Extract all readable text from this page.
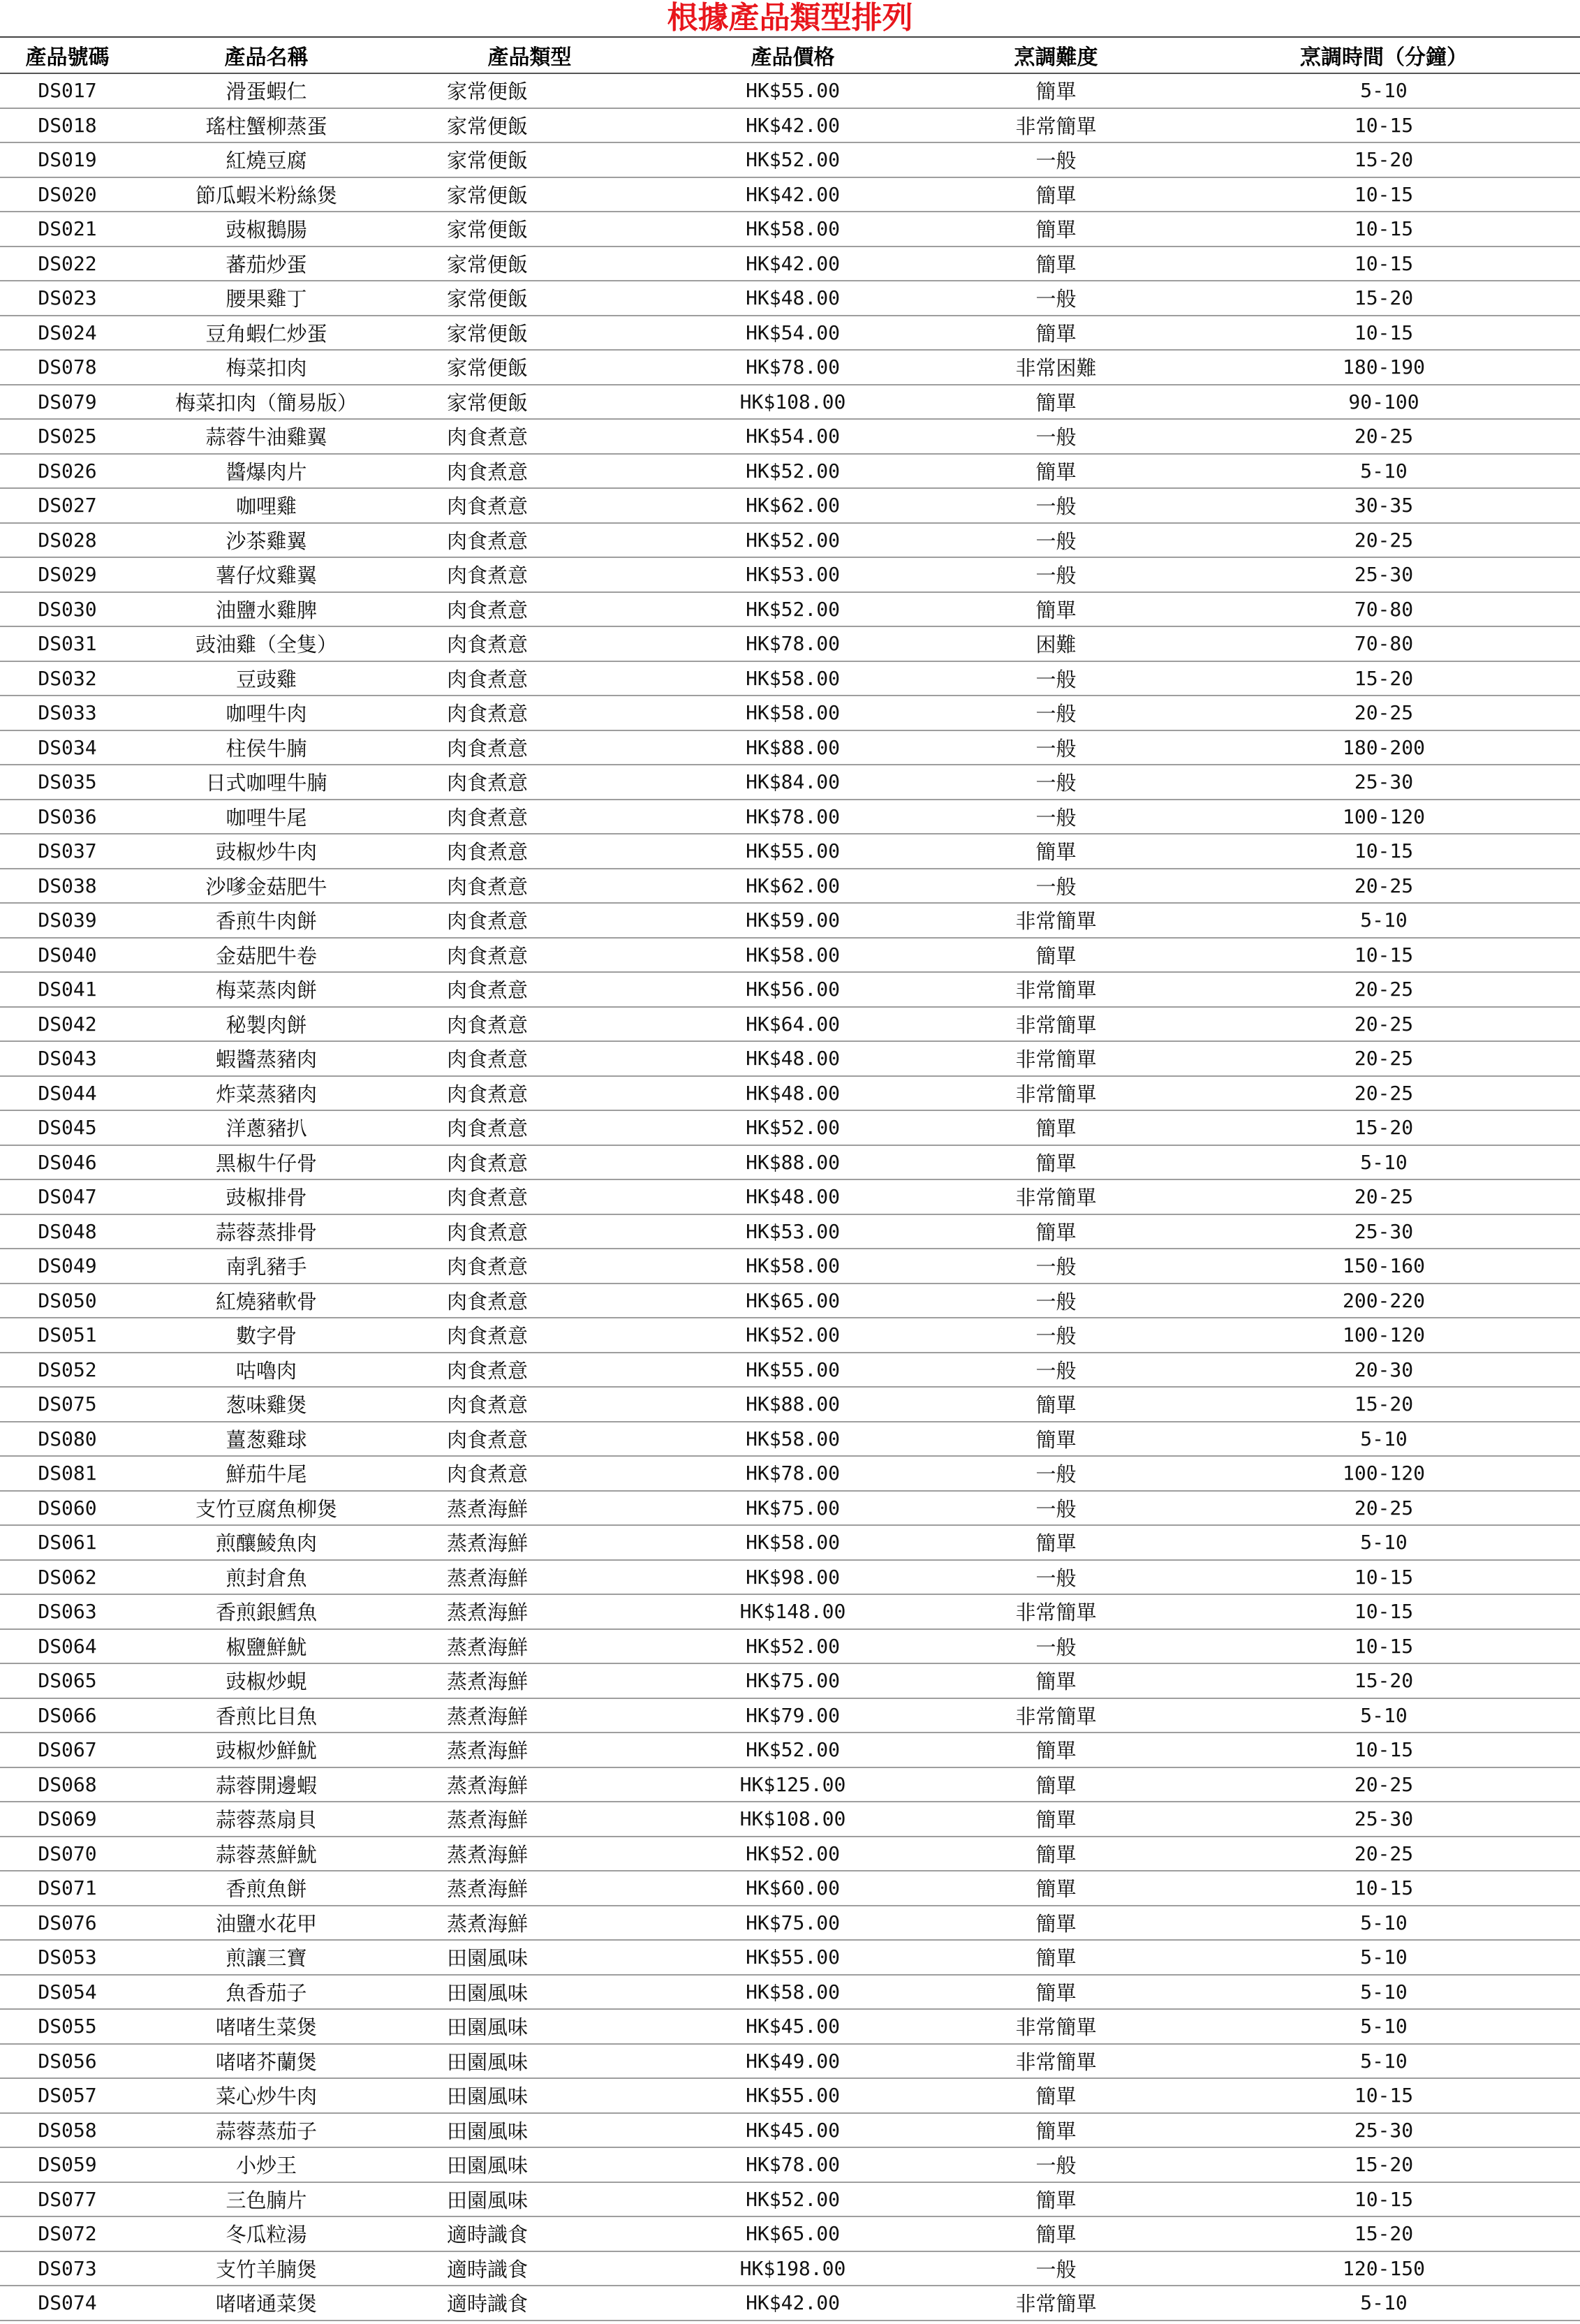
根據產品類型排列
產品號碼	產品名稱	產品類型	產品價格	烹調難度	烹調時間（分鐘）
DS017	滑蛋蝦仁	家常便飯	HK$55.00	簡單	5-10
DS018	瑤柱蟹柳蒸蛋	家常便飯	HK$42.00	非常簡單	10-15
DS019	紅燒豆腐	家常便飯	HK$52.00	一般	15-20
DS020	節瓜蝦米粉絲煲	家常便飯	HK$42.00	簡單	10-15
DS021	豉椒鵝腸	家常便飯	HK$58.00	簡單	10-15
DS022	蕃茄炒蛋	家常便飯	HK$42.00	簡單	10-15
DS023	腰果雞丁	家常便飯	HK$48.00	一般	15-20
DS024	豆角蝦仁炒蛋	家常便飯	HK$54.00	簡單	10-15
DS078	梅菜扣肉	家常便飯	HK$78.00	非常困難	180-190
DS079	梅菜扣肉（簡易版）	家常便飯	HK$108.00	簡單	90-100
DS025	蒜蓉牛油雞翼	肉食煮意	HK$54.00	一般	20-25
DS026	醬爆肉片	肉食煮意	HK$52.00	簡單	5-10
DS027	咖哩雞	肉食煮意	HK$62.00	一般	30-35
DS028	沙茶雞翼	肉食煮意	HK$52.00	一般	20-25
DS029	薯仔炆雞翼	肉食煮意	HK$53.00	一般	25-30
DS030	油鹽水雞脾	肉食煮意	HK$52.00	簡單	70-80
DS031	豉油雞（全隻）	肉食煮意	HK$78.00	困難	70-80
DS032	豆豉雞	肉食煮意	HK$58.00	一般	15-20
DS033	咖哩牛肉	肉食煮意	HK$58.00	一般	20-25
DS034	柱侯牛腩	肉食煮意	HK$88.00	一般	180-200
DS035	日式咖哩牛腩	肉食煮意	HK$84.00	一般	25-30
DS036	咖哩牛尾	肉食煮意	HK$78.00	一般	100-120
DS037	豉椒炒牛肉	肉食煮意	HK$55.00	簡單	10-15
DS038	沙嗲金菇肥牛	肉食煮意	HK$62.00	一般	20-25
DS039	香煎牛肉餅	肉食煮意	HK$59.00	非常簡單	5-10
DS040	金菇肥牛卷	肉食煮意	HK$58.00	簡單	10-15
DS041	梅菜蒸肉餅	肉食煮意	HK$56.00	非常簡單	20-25
DS042	秘製肉餅	肉食煮意	HK$64.00	非常簡單	20-25
DS043	蝦醬蒸豬肉	肉食煮意	HK$48.00	非常簡單	20-25
DS044	炸菜蒸豬肉	肉食煮意	HK$48.00	非常簡單	20-25
DS045	洋蔥豬扒	肉食煮意	HK$52.00	簡單	15-20
DS046	黑椒牛仔骨	肉食煮意	HK$88.00	簡單	5-10
DS047	豉椒排骨	肉食煮意	HK$48.00	非常簡單	20-25
DS048	蒜蓉蒸排骨	肉食煮意	HK$53.00	簡單	25-30
DS049	南乳豬手	肉食煮意	HK$58.00	一般	150-160
DS050	紅燒豬軟骨	肉食煮意	HK$65.00	一般	200-220
DS051	數字骨	肉食煮意	HK$52.00	一般	100-120
DS052	咕嚕肉	肉食煮意	HK$55.00	一般	20-30
DS075	葱味雞煲	肉食煮意	HK$88.00	簡單	15-20
DS080	薑葱雞球	肉食煮意	HK$58.00	簡單	5-10
DS081	鮮茄牛尾	肉食煮意	HK$78.00	一般	100-120
DS060	支竹豆腐魚柳煲	蒸煮海鮮	HK$75.00	一般	20-25
DS061	煎釀鯪魚肉	蒸煮海鮮	HK$58.00	簡單	5-10
DS062	煎封倉魚	蒸煮海鮮	HK$98.00	一般	10-15
DS063	香煎銀鱈魚	蒸煮海鮮	HK$148.00	非常簡單	10-15
DS064	椒鹽鮮魷	蒸煮海鮮	HK$52.00	一般	10-15
DS065	豉椒炒蜆	蒸煮海鮮	HK$75.00	簡單	15-20
DS066	香煎比目魚	蒸煮海鮮	HK$79.00	非常簡單	5-10
DS067	豉椒炒鮮魷	蒸煮海鮮	HK$52.00	簡單	10-15
DS068	蒜蓉開邊蝦	蒸煮海鮮	HK$125.00	簡單	20-25
DS069	蒜蓉蒸扇貝	蒸煮海鮮	HK$108.00	簡單	25-30
DS070	蒜蓉蒸鮮魷	蒸煮海鮮	HK$52.00	簡單	20-25
DS071	香煎魚餅	蒸煮海鮮	HK$60.00	簡單	10-15
DS076	油鹽水花甲	蒸煮海鮮	HK$75.00	簡單	5-10
DS053	煎讓三寶	田園風味	HK$55.00	簡單	5-10
DS054	魚香茄子	田園風味	HK$58.00	簡單	5-10
DS055	啫啫生菜煲	田園風味	HK$45.00	非常簡單	5-10
DS056	啫啫芥蘭煲	田園風味	HK$49.00	非常簡單	5-10
DS057	菜心炒牛肉	田園風味	HK$55.00	簡單	10-15
DS058	蒜蓉蒸茄子	田園風味	HK$45.00	簡單	25-30
DS059	小炒王	田園風味	HK$78.00	一般	15-20
DS077	三色腩片	田園風味	HK$52.00	簡單	10-15
DS072	冬瓜粒湯	適時識食	HK$65.00	簡單	15-20
DS073	支竹羊腩煲	適時識食	HK$198.00	一般	120-150
DS074	啫啫通菜煲	適時識食	HK$42.00	非常簡單	5-10
